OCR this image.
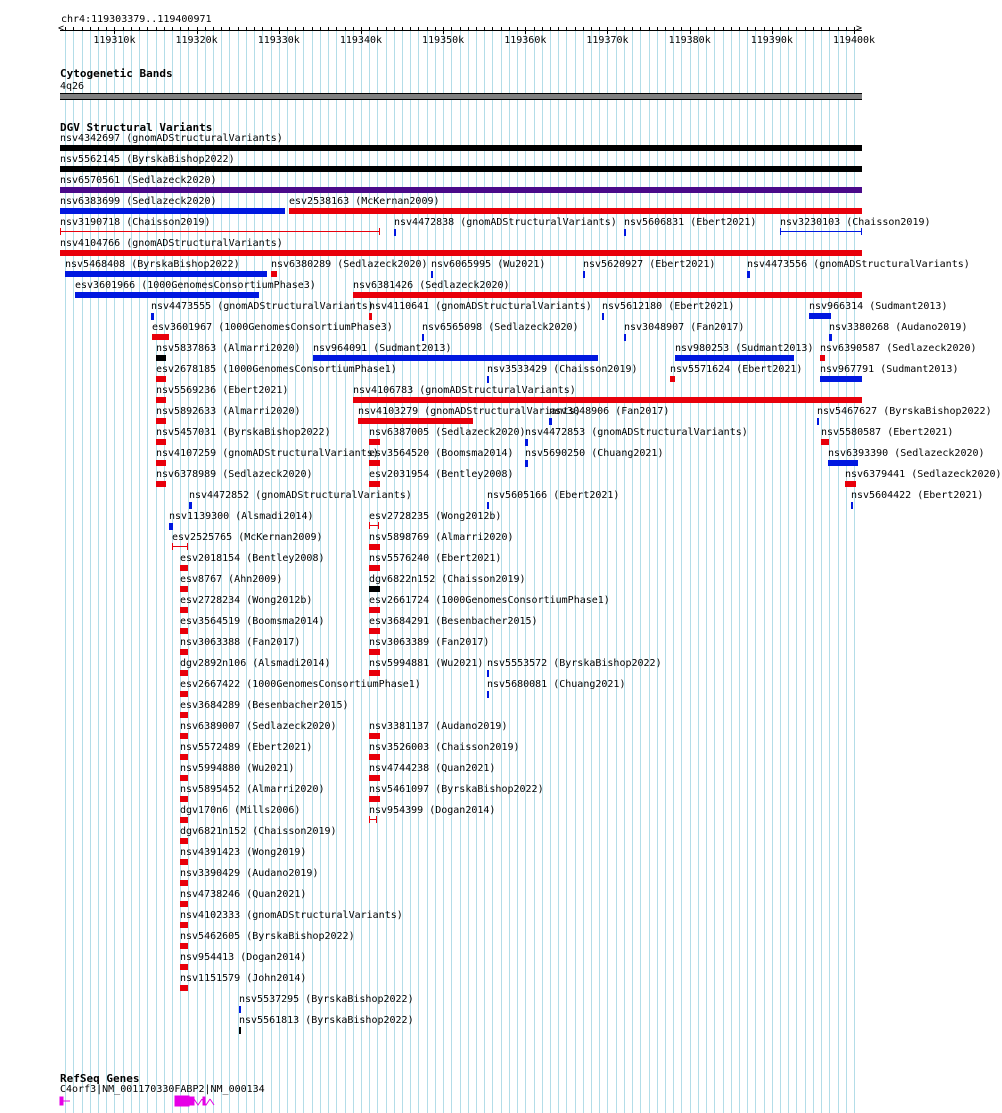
chr4:119303379..119400971
<	>
119310k	119320k	119330k	119340k	119350k	119360k	119370k	119380k	119390k	119400k
Cytogenetic Bands
4q26
DGV Structural Variants
nsv4342697 (gnomADStructuralVariants)
nsv5562145 (ByrskaBishop2022)
nsv6570561 (Sedlazeck2020)
nsv6383699 (Sedlazeck2020)	esv2538163 (McKernan2009)
nsv3190718 (Chaisson2019)	nsv4472838 (gnomADStructuralVariants) nsv5606831 (Ebert2021) nsv3230103 (Chaisson2019)
nsv4104766 (gnomADStructuralVariants)
nsv5468408 (ByrskaBishop2022)	nsv6380289 (Sedlazeck2020) nsv6065995 (Wu2021)	nsv5620927 (Ebert2021)	nsv4473556 (gnomADStructuralVariants)
esv3601966 (1000GenomesConsortiumPhase3)	nsv6381426 (Sedlazeck2020)
nsv4473555 (gnomADStructuralVariants)
nsv4110641 (gnomADStructuralVariants) nsv5612180 (Ebert2021)	nsv966314 (Sudmant2013)
esv3601967 (1000GenomesConsortiumPhase3)	nsv6565098 (Sedlazeck2020)	nsv3048907 (Fan2017)	nsv3380268 (Audano2019)
nsv5837863 (Almarri2020) nsv964091 (Sudmant2013)	nsv980253 (Sudmant2013) nsv6390587 (Sedlazeck2020)
esv2678185 (1000GenomesConsortiumPhase1)	nsv3533429 (Chaisson2019)	nsv5571624 (Ebert2021) nsv967791 (Sudmant2013)
nsv5569236 (Ebert2021)	nsv4106783 (gnomADStructuralVariants)
nsv5892633 (Almarri2020)	nsv4103279 (gnomADStructuralVariants)
nsv3048906 (Fan2017)	nsv5467627 (ByrskaBishop2022)
nsv5457031 (ByrskaBishop2022)	nsv6387005 (Sedlazeck2020) nsv4472853 (gnomADStructuralVariants)	nsv5580587 (Ebert2021)
nsv4107259 (gnomADStructuralVariants)
esv3564520 (Boomsma2014) nsv5690250 (Chuang2021)	nsv6393390 (Sedlazeck2020)
nsv6378989 (Sedlazeck2020)	esv2031954 (Bentley2008)	nsv6379441 (Sedlazeck2020)
nsv4472852 (gnomADStructuralVariants)	nsv5605166 (Ebert2021)	nsv5604422 (Ebert2021)
nsv1139300 (Alsmadi2014)	esv2728235 (Wong2012b)
esv2525765 (McKernan2009)	nsv5898769 (Almarri2020)
esv2018154 (Bentley2008)	nsv5576240 (Ebert2021)
esv8767 (Ahn2009)	dgv6822n152 (Chaisson2019)
esv2728234 (Wong2012b)	esv2661724 (1000GenomesConsortiumPhase1)
esv3564519 (Boomsma2014)	esv3684291 (Besenbacher2015)
nsv3063388 (Fan2017)	nsv3063389 (Fan2017)
dgv2892n106 (Alsmadi2014)	nsv5994881 (Wu2021) nsv5553572 (ByrskaBishop2022)
esv2667422 (1000GenomesConsortiumPhase1)	nsv5680081 (Chuang2021)
esv3684289 (Besenbacher2015)
nsv6389007 (Sedlazeck2020)	nsv3381137 (Audano2019)
nsv5572489 (Ebert2021)	nsv3526003 (Chaisson2019)
nsv5994880 (Wu2021)	nsv4744238 (Quan2021)
nsv5895452 (Almarri2020)	nsv5461097 (ByrskaBishop2022)
dgv170n6 (Mills2006)	nsv954399 (Dogan2014)
dgv6821n152 (Chaisson2019)
nsv4391423 (Wong2019)
nsv3390429 (Audano2019)
nsv4738246 (Quan2021)
nsv4102333 (gnomADStructuralVariants)
nsv5462605 (ByrskaBishop2022)
nsv954413 (Dogan2014)
nsv1151579 (John2014)
nsv5537295 (ByrskaBishop2022)
nsv5561813 (ByrskaBishop2022)
RefSeq Genes
C4orf3|NM_001170330FABP2|NM_000134
